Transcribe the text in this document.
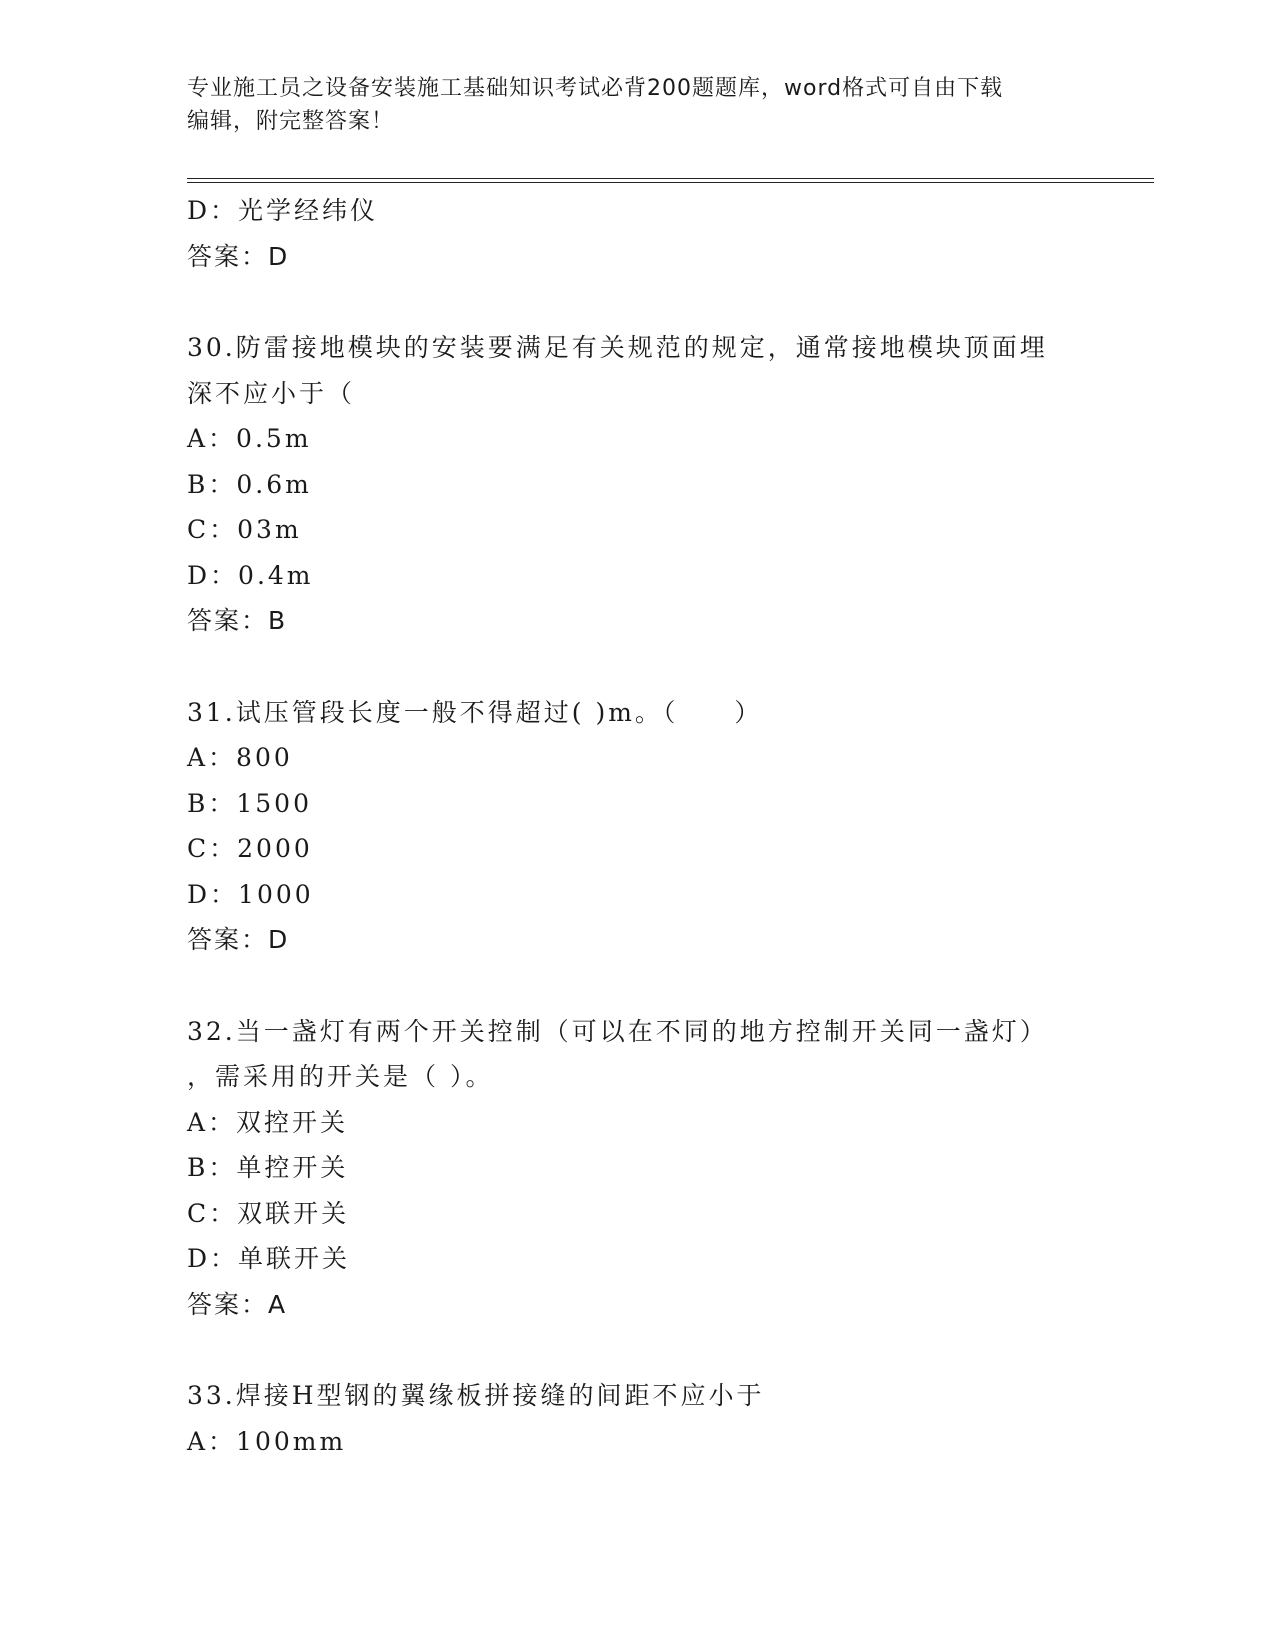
专业施工员之设备安装施工基础知识考试必背200题题库，word格式可自由下载
编辑，附完整答案！
D：光学经纬仪
答案：D
30.防雷接地模块的安装要满足有关规范的规定，通常接地模块顶面埋
深不应小于（
A：0.5m
B：0.6m
C：03m
D：0.4m
答案：B
31.试压管段长度一般不得超过( )m。（　　）
A：800
B：1500
C：2000
D：1000
答案：D
32.当一盏灯有两个开关控制（可以在不同的地方控制开关同一盏灯）
，需采用的开关是（ ）。
A：双控开关
B：单控开关
C：双联开关
D：单联开关
答案：A
33.焊接H型钢的翼缘板拼接缝的间距不应小于
A：100mm
